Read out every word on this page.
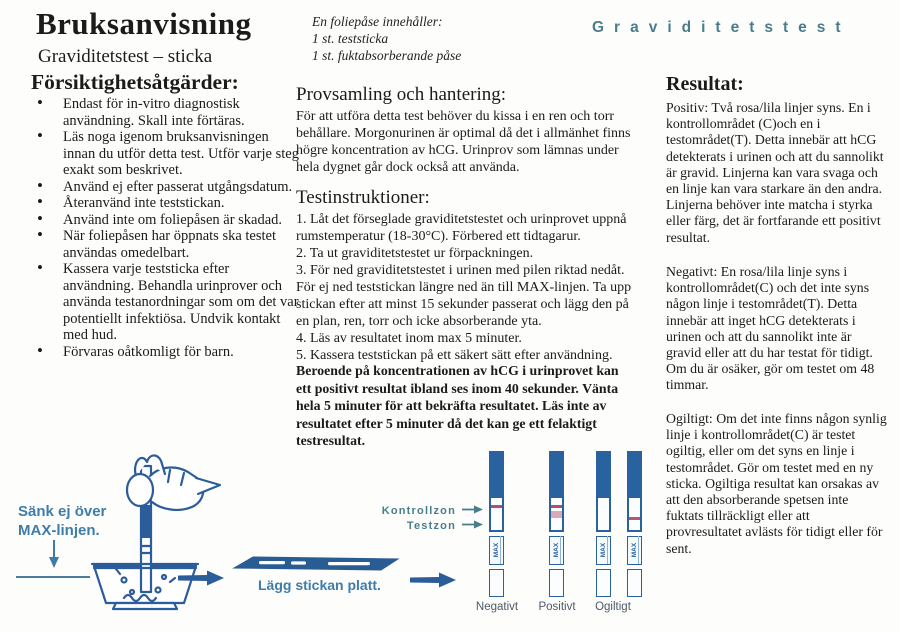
Bruksanvisning
Graviditetstest – sticka
En foliepåse innehåller:
1 st. teststicka
1 st. fuktabsorberande påse
Graviditetstest
Försiktighetsåtgärder:
• Endast för in-vitro diagnostisk användning. Skall inte förtäras.
• Läs noga igenom bruksanvisningen innan du utför detta test. Utför varje steg exakt som beskrivet.
• Använd ej efter passerat utgångsdatum.
• Återanvänd inte teststickan.
• Använd inte om foliepåsen är skadad.
• När foliepåsen har öppnats ska testet användas omedelbart.
• Kassera varje teststicka efter användning. Behandla urinprover och använda testanordningar som om det var potentiellt infektiösa. Undvik kontakt med hud.
• Förvaras oåtkomligt för barn.
Provsamling och hantering:
För att utföra detta test behöver du kissa i en ren och torr behållare. Morgonurinen är optimal då det i allmänhet finns högre koncentration av hCG. Urinprov som lämnas under hela dygnet går dock också att använda.
Testinstruktioner:
1. Låt det förseglade graviditetstestet och urinprovet uppnå rumstemperatur (18-30°C). Förbered ett tidtagarur.
2. Ta ut graviditetstestet ur förpackningen.
3. För ned graviditetstestet i urinen med pilen riktad nedåt. För ej ned teststickan längre ned än till MAX-linjen. Ta upp stickan efter att minst 15 sekunder passerat och lägg den på en plan, ren, torr och icke absorberande yta.
4. Läs av resultatet inom max 5 minuter.
5. Kassera teststickan på ett säkert sätt efter användning.
Beroende på koncentrationen av hCG i urinprovet kan ett positivt resultat ibland ses inom 40 sekunder. Vänta hela 5 minuter för att bekräfta resultatet. Läs inte av resultatet efter 5 minuter då det kan ge ett felaktigt testresultat.
Resultat:
Positiv: Två rosa/lila linjer syns. En i kontrollområdet (C)och en i testområdet(T). Detta innebär att hCG detekterats i urinen och att du sannolikt är gravid. Linjerna kan vara svaga och en linje kan vara starkare än den andra. Linjerna behöver inte matcha i styrka eller färg, det är fortfarande ett positivt resultat.
Negativt: En rosa/lila linje syns i kontrollområdet(C) och det inte syns någon linje i testområdet(T). Detta innebär att inget hCG detekterats i urinen och att du sannolikt inte är gravid eller att du har testat för tidigt. Om du är osäker, gör om testet om 48 timmar.
Ogiltigt: Om det inte finns någon synlig linje i kontrollområdet(C) är testet ogiltig, eller om det syns en linje i testområdet. Gör om testet med en ny sticka. Ogiltiga resultat kan orsakas av att den absorberande spetsen inte fuktats tillräckligt eller att provresultatet avlästs för tidigt eller för sent.
Sänk ej över
MAX-linjen.
Lägg stickan platt.
Kontrollzon
Testzon
MAX	MAX	MAX	MAX
Negativt	Positivt	Ogiltigt
